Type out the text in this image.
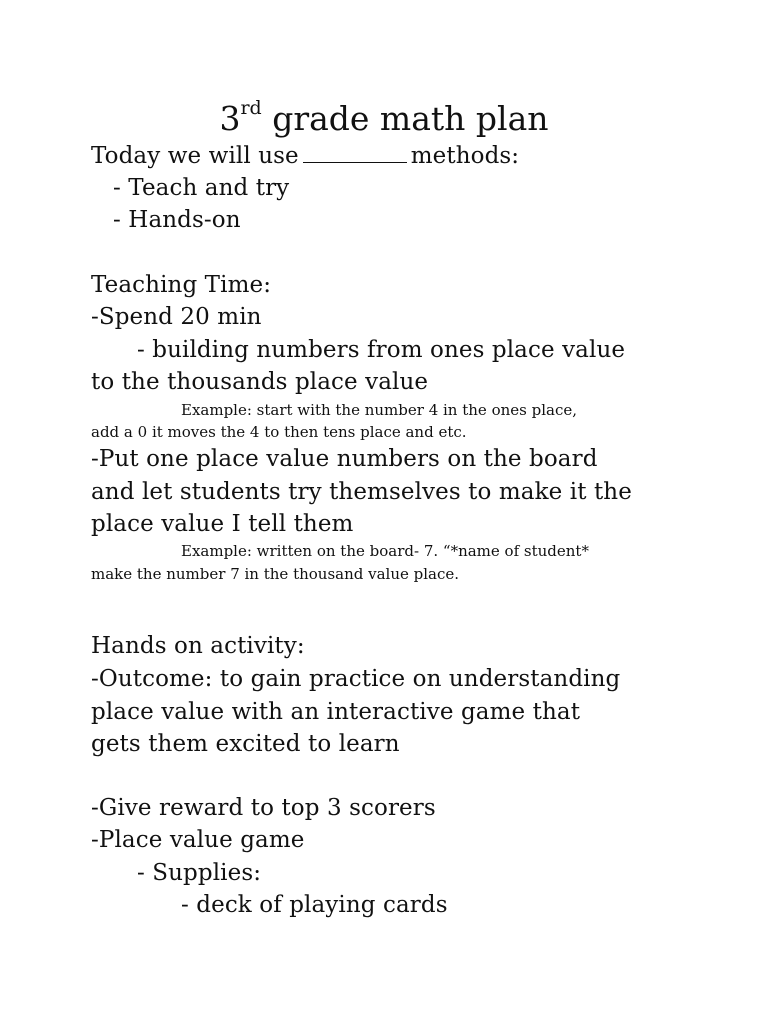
3rd grade math plan
Today we will use	methods:
- Teach and try
- Hands-on
Teaching Time:
-Spend 20 min
- building numbers from ones place value
to the thousands place value
Example: start with the number 4 in the ones place,
add a 0 it moves the 4 to then tens place and etc.
-Put one place value numbers on the board
and let students try themselves to make it the
place value I tell them
Example: written on the board- 7. “*name of student*
make the number 7 in the thousand value place.
Hands on activity:
-Outcome: to gain practice on understanding
place value with an interactive game that
gets them excited to learn
-Give reward to top 3 scorers
-Place value game
- Supplies:
- deck of playing cards
